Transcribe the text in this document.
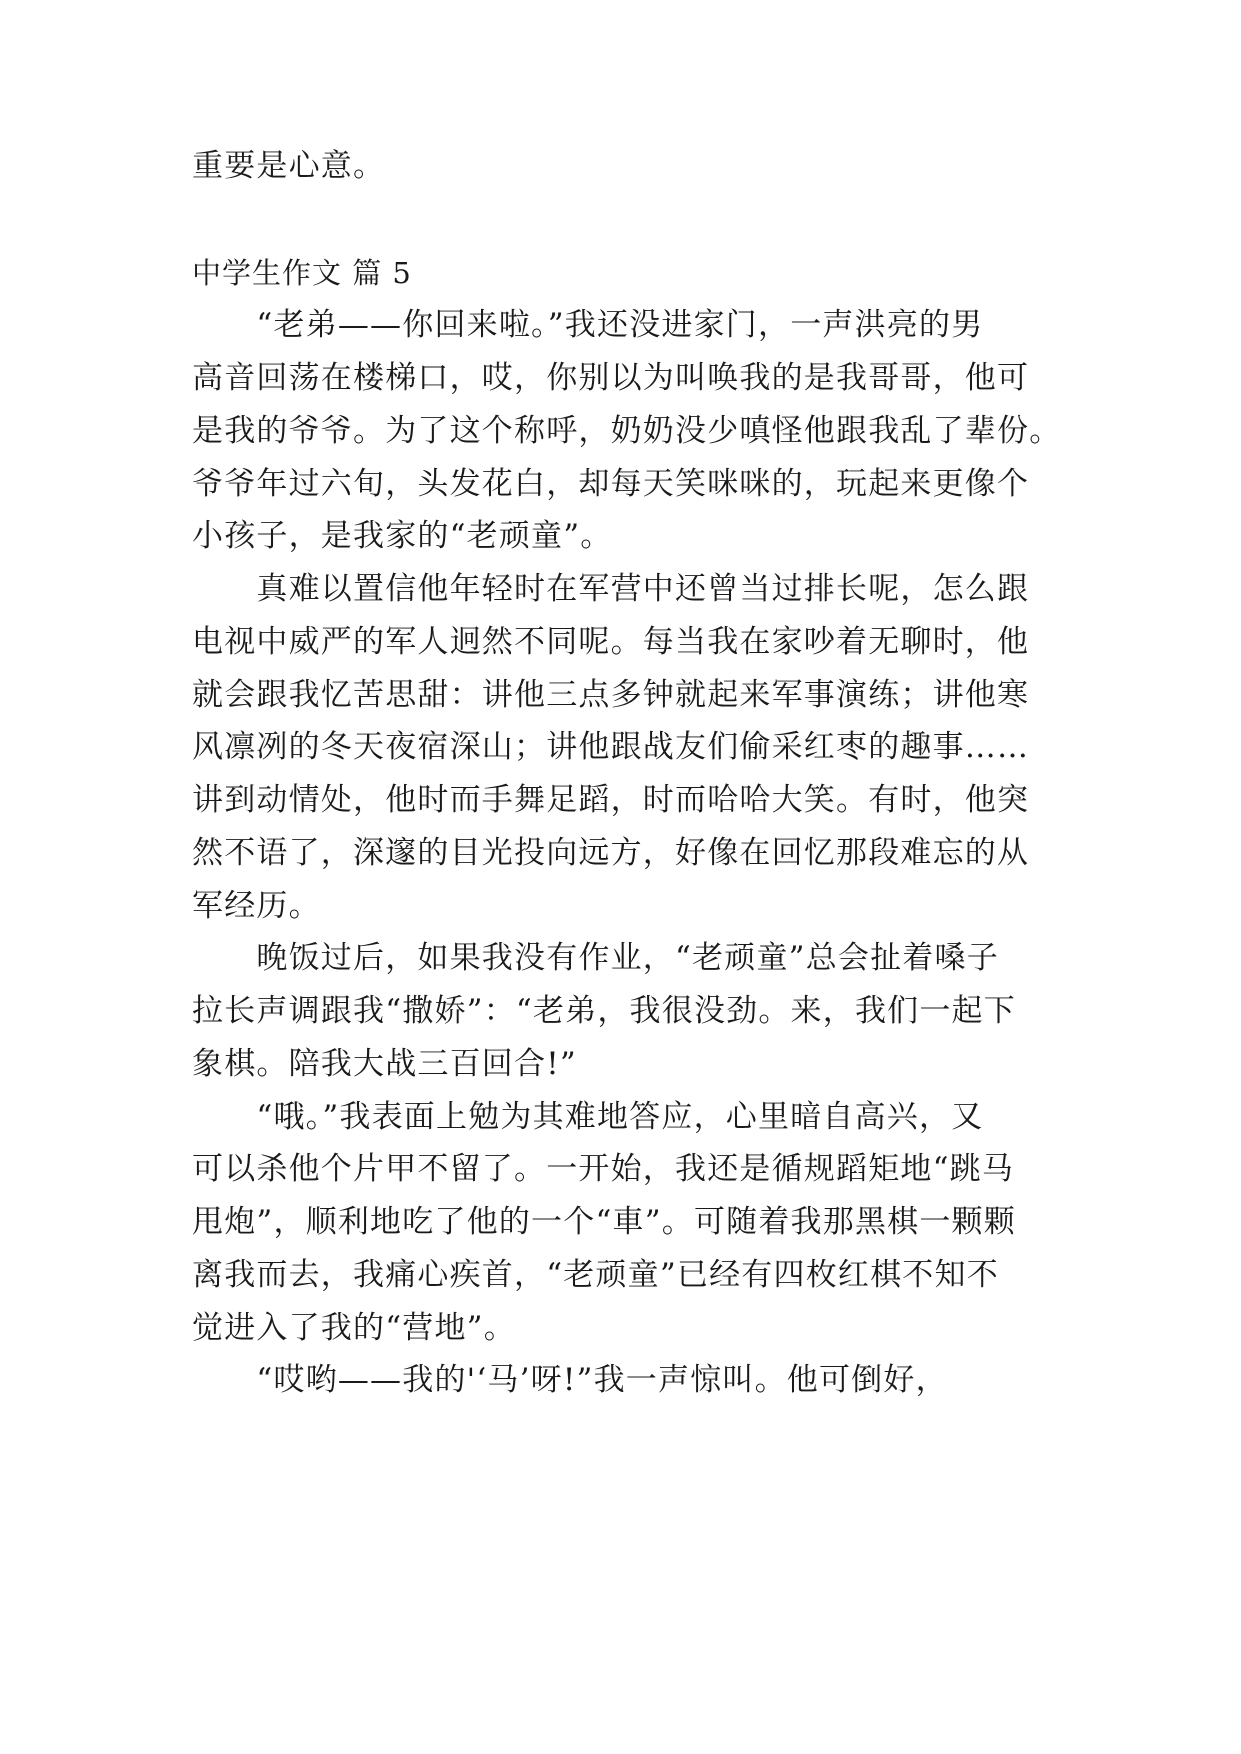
重要是心意。

中学生作文 篇 5

　　“老弟——你回来啦。”我还没进家门，一声洪亮的男

高音回荡在楼梯口，哎，你别以为叫唤我的是我哥哥，他可

是我的爷爷。为了这个称呼，奶奶没少嗔怪他跟我乱了辈份。

爷爷年过六旬，头发花白，却每天笑咪咪的，玩起来更像个

小孩子，是我家的“老顽童”。

　　真难以置信他年轻时在军营中还曾当过排长呢，怎么跟

电视中威严的军人迥然不同呢。每当我在家吵着无聊时，他

就会跟我忆苦思甜：讲他三点多钟就起来军事演练；讲他寒

风凛冽的冬天夜宿深山；讲他跟战友们偷采红枣的趣事……

讲到动情处，他时而手舞足蹈，时而哈哈大笑。有时，他突

然不语了，深邃的目光投向远方，好像在回忆那段难忘的从

军经历。

　　晚饭过后，如果我没有作业，“老顽童”总会扯着嗓子

拉长声调跟我“撒娇”：“老弟，我很没劲。来，我们一起下

象棋。陪我大战三百回合!”

　　“哦。”我表面上勉为其难地答应，心里暗自高兴，又

可以杀他个片甲不留了。一开始，我还是循规蹈矩地“跳马

甩炮”，顺利地吃了他的一个“車”。可随着我那黑棋一颗颗

离我而去，我痛心疾首，“老顽童”已经有四枚红棋不知不

觉进入了我的“营地”。

　　“哎哟——我的'‘马’呀!”我一声惊叫。他可倒好，
